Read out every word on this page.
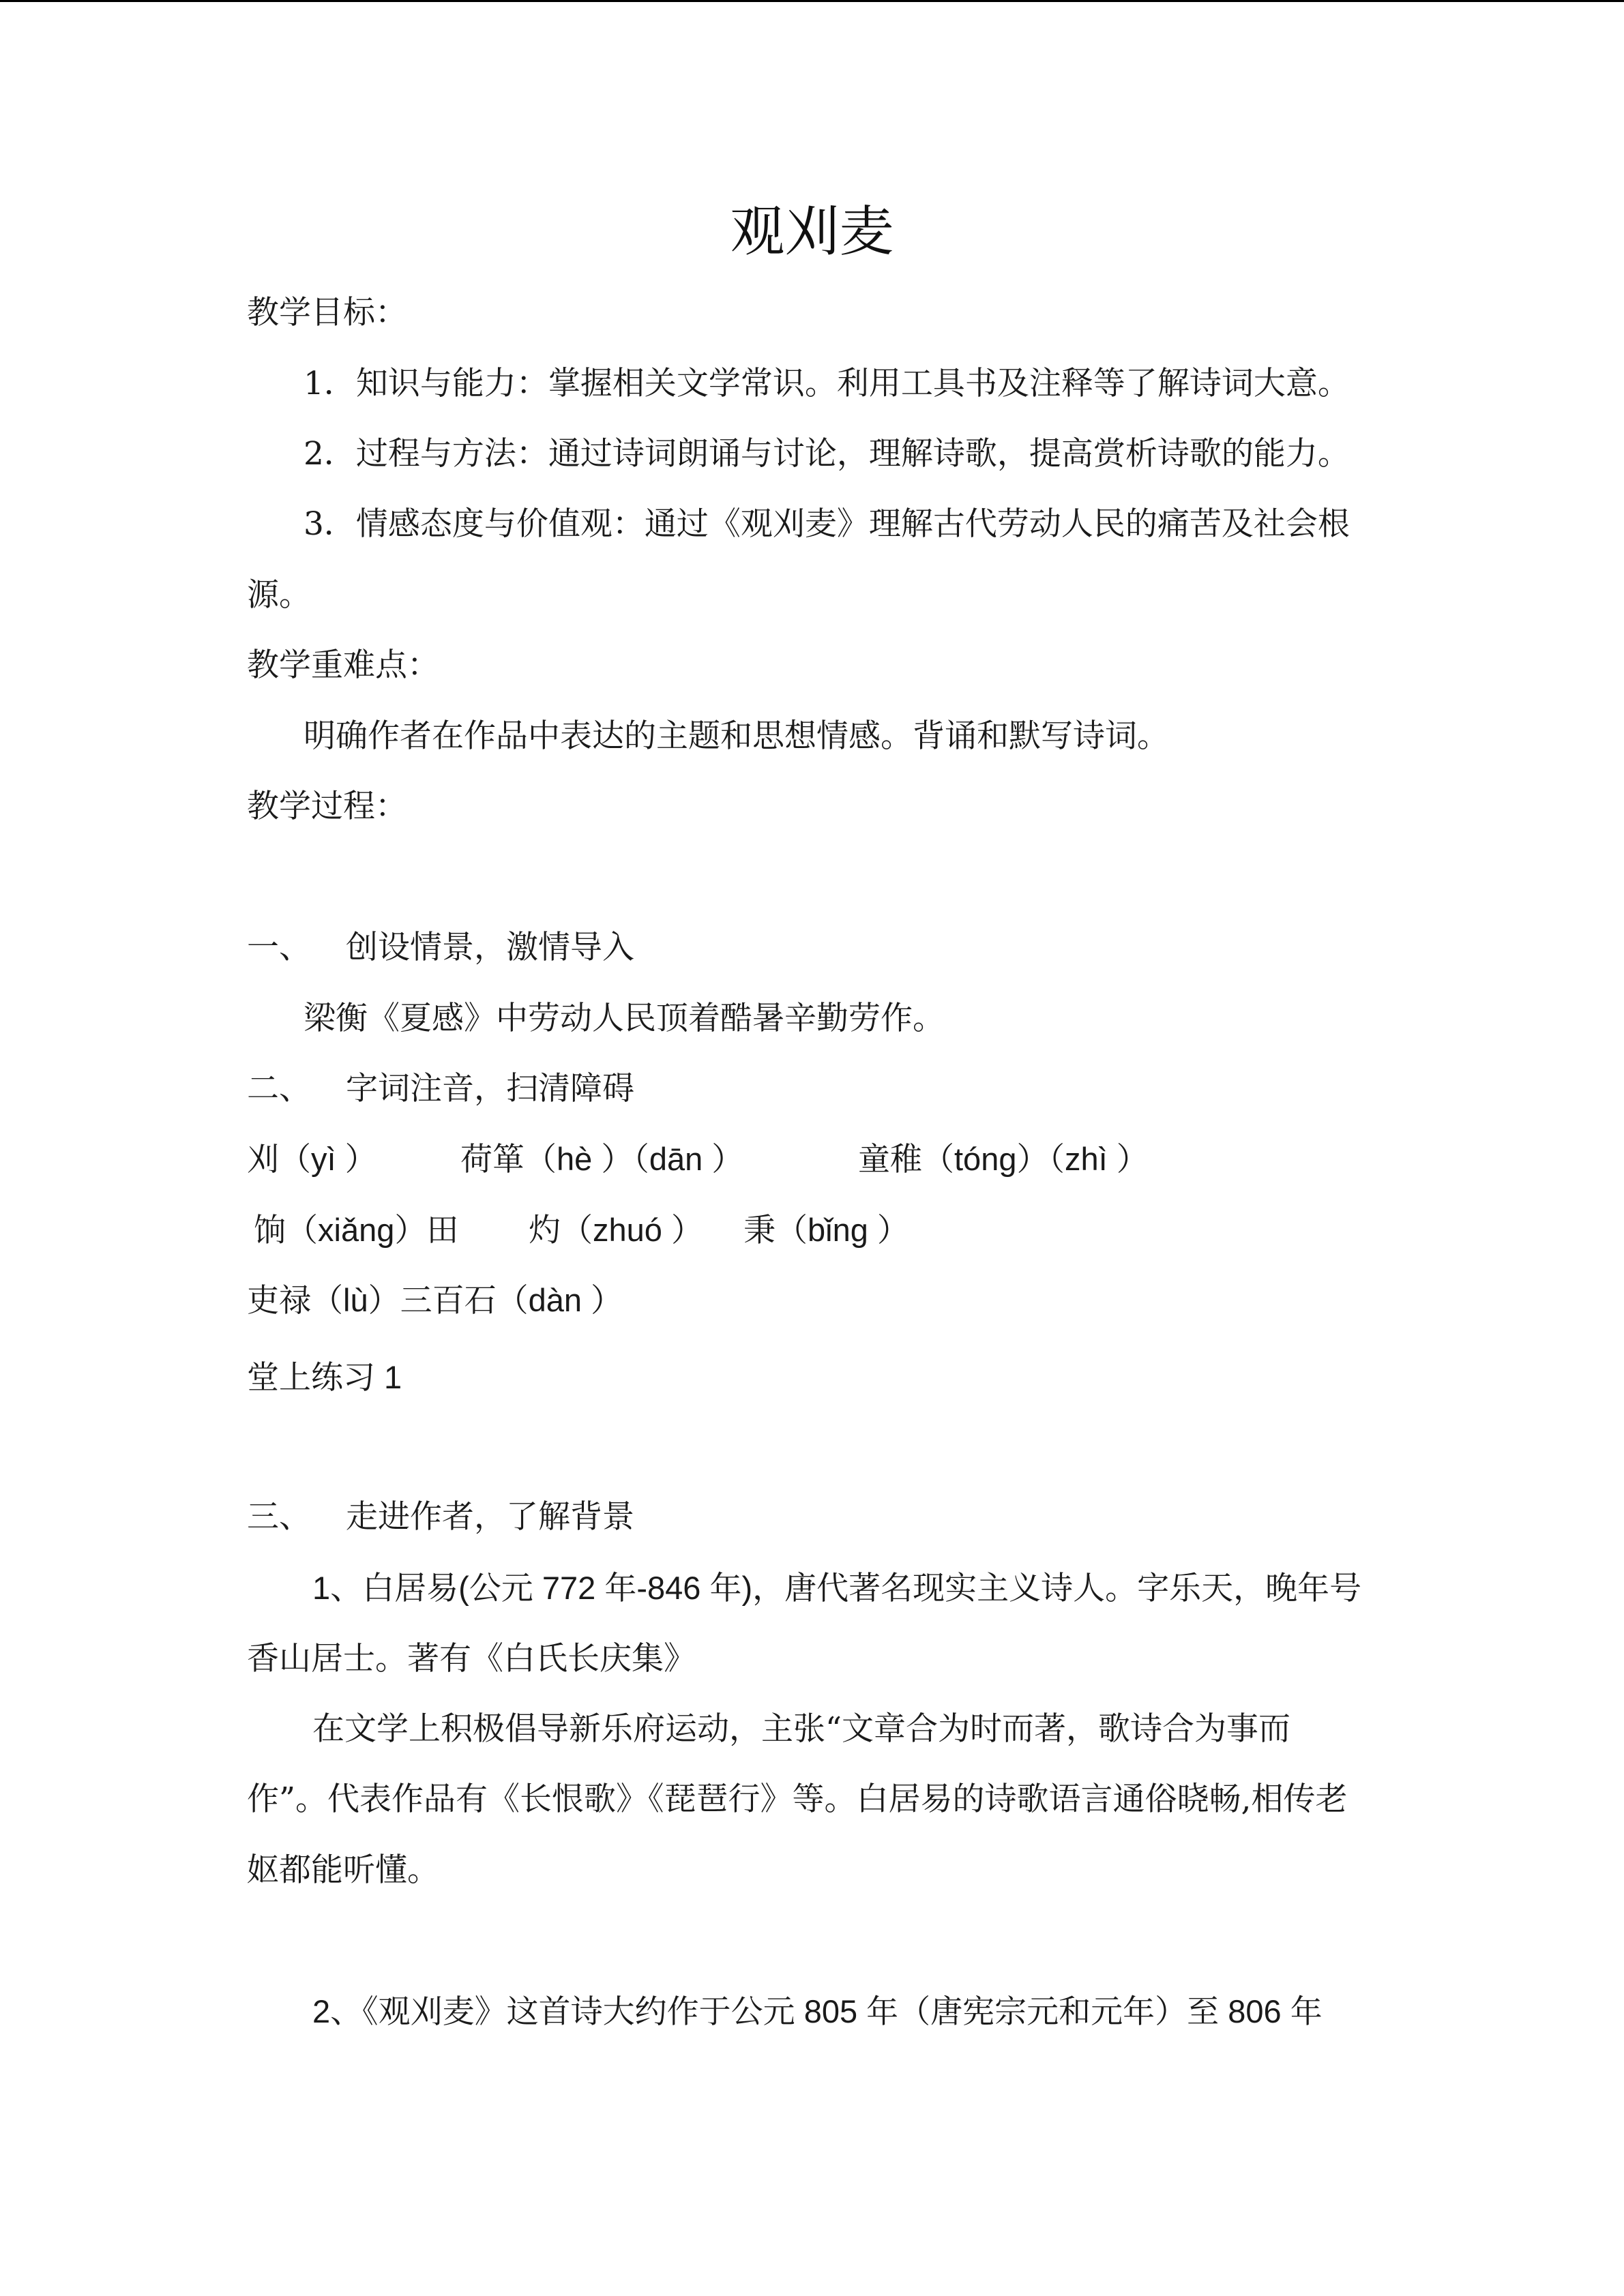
观刈麦
教学目标：
1．知识与能力：掌握相关文学常识。利用工具书及注释等了解诗词大意。
2．过程与方法：通过诗词朗诵与讨论，理解诗歌，提高赏析诗歌的能力。
3．情感态度与价值观：通过《观刈麦》理解古代劳动人民的痛苦及社会根
源。
教学重难点：
明确作者在作品中表达的主题和思想情感。背诵和默写诗词。
教学过程：
一、 创设情景，激情导入
梁衡《夏感》中劳动人民顶着酷暑辛勤劳作。
二、 字词注音，扫清障碍
刈（yì ）	荷箪（hè ）（dān ）	童稚（tóng）（zhì ）
饷（xiǎng）田 灼（zhuó ） 秉（bǐng ）
吏禄（lù）三百石（dàn ）
堂上练习 1
三、 走进作者，了解背景
1、白居易(公元 772 年-846 年)，唐代著名现实主义诗人。字乐天，晚年号
香山居士。著有《白氏长庆集》
在文学上积极倡导新乐府运动，主张“文章合为时而著，歌诗合为事而
作”。代表作品有《长恨歌》《琵琶行》等。白居易的诗歌语言通俗晓畅,相传老
妪都能听懂。
2、《观刈麦》这首诗大约作于公元 805 年（唐宪宗元和元年）至 806 年
